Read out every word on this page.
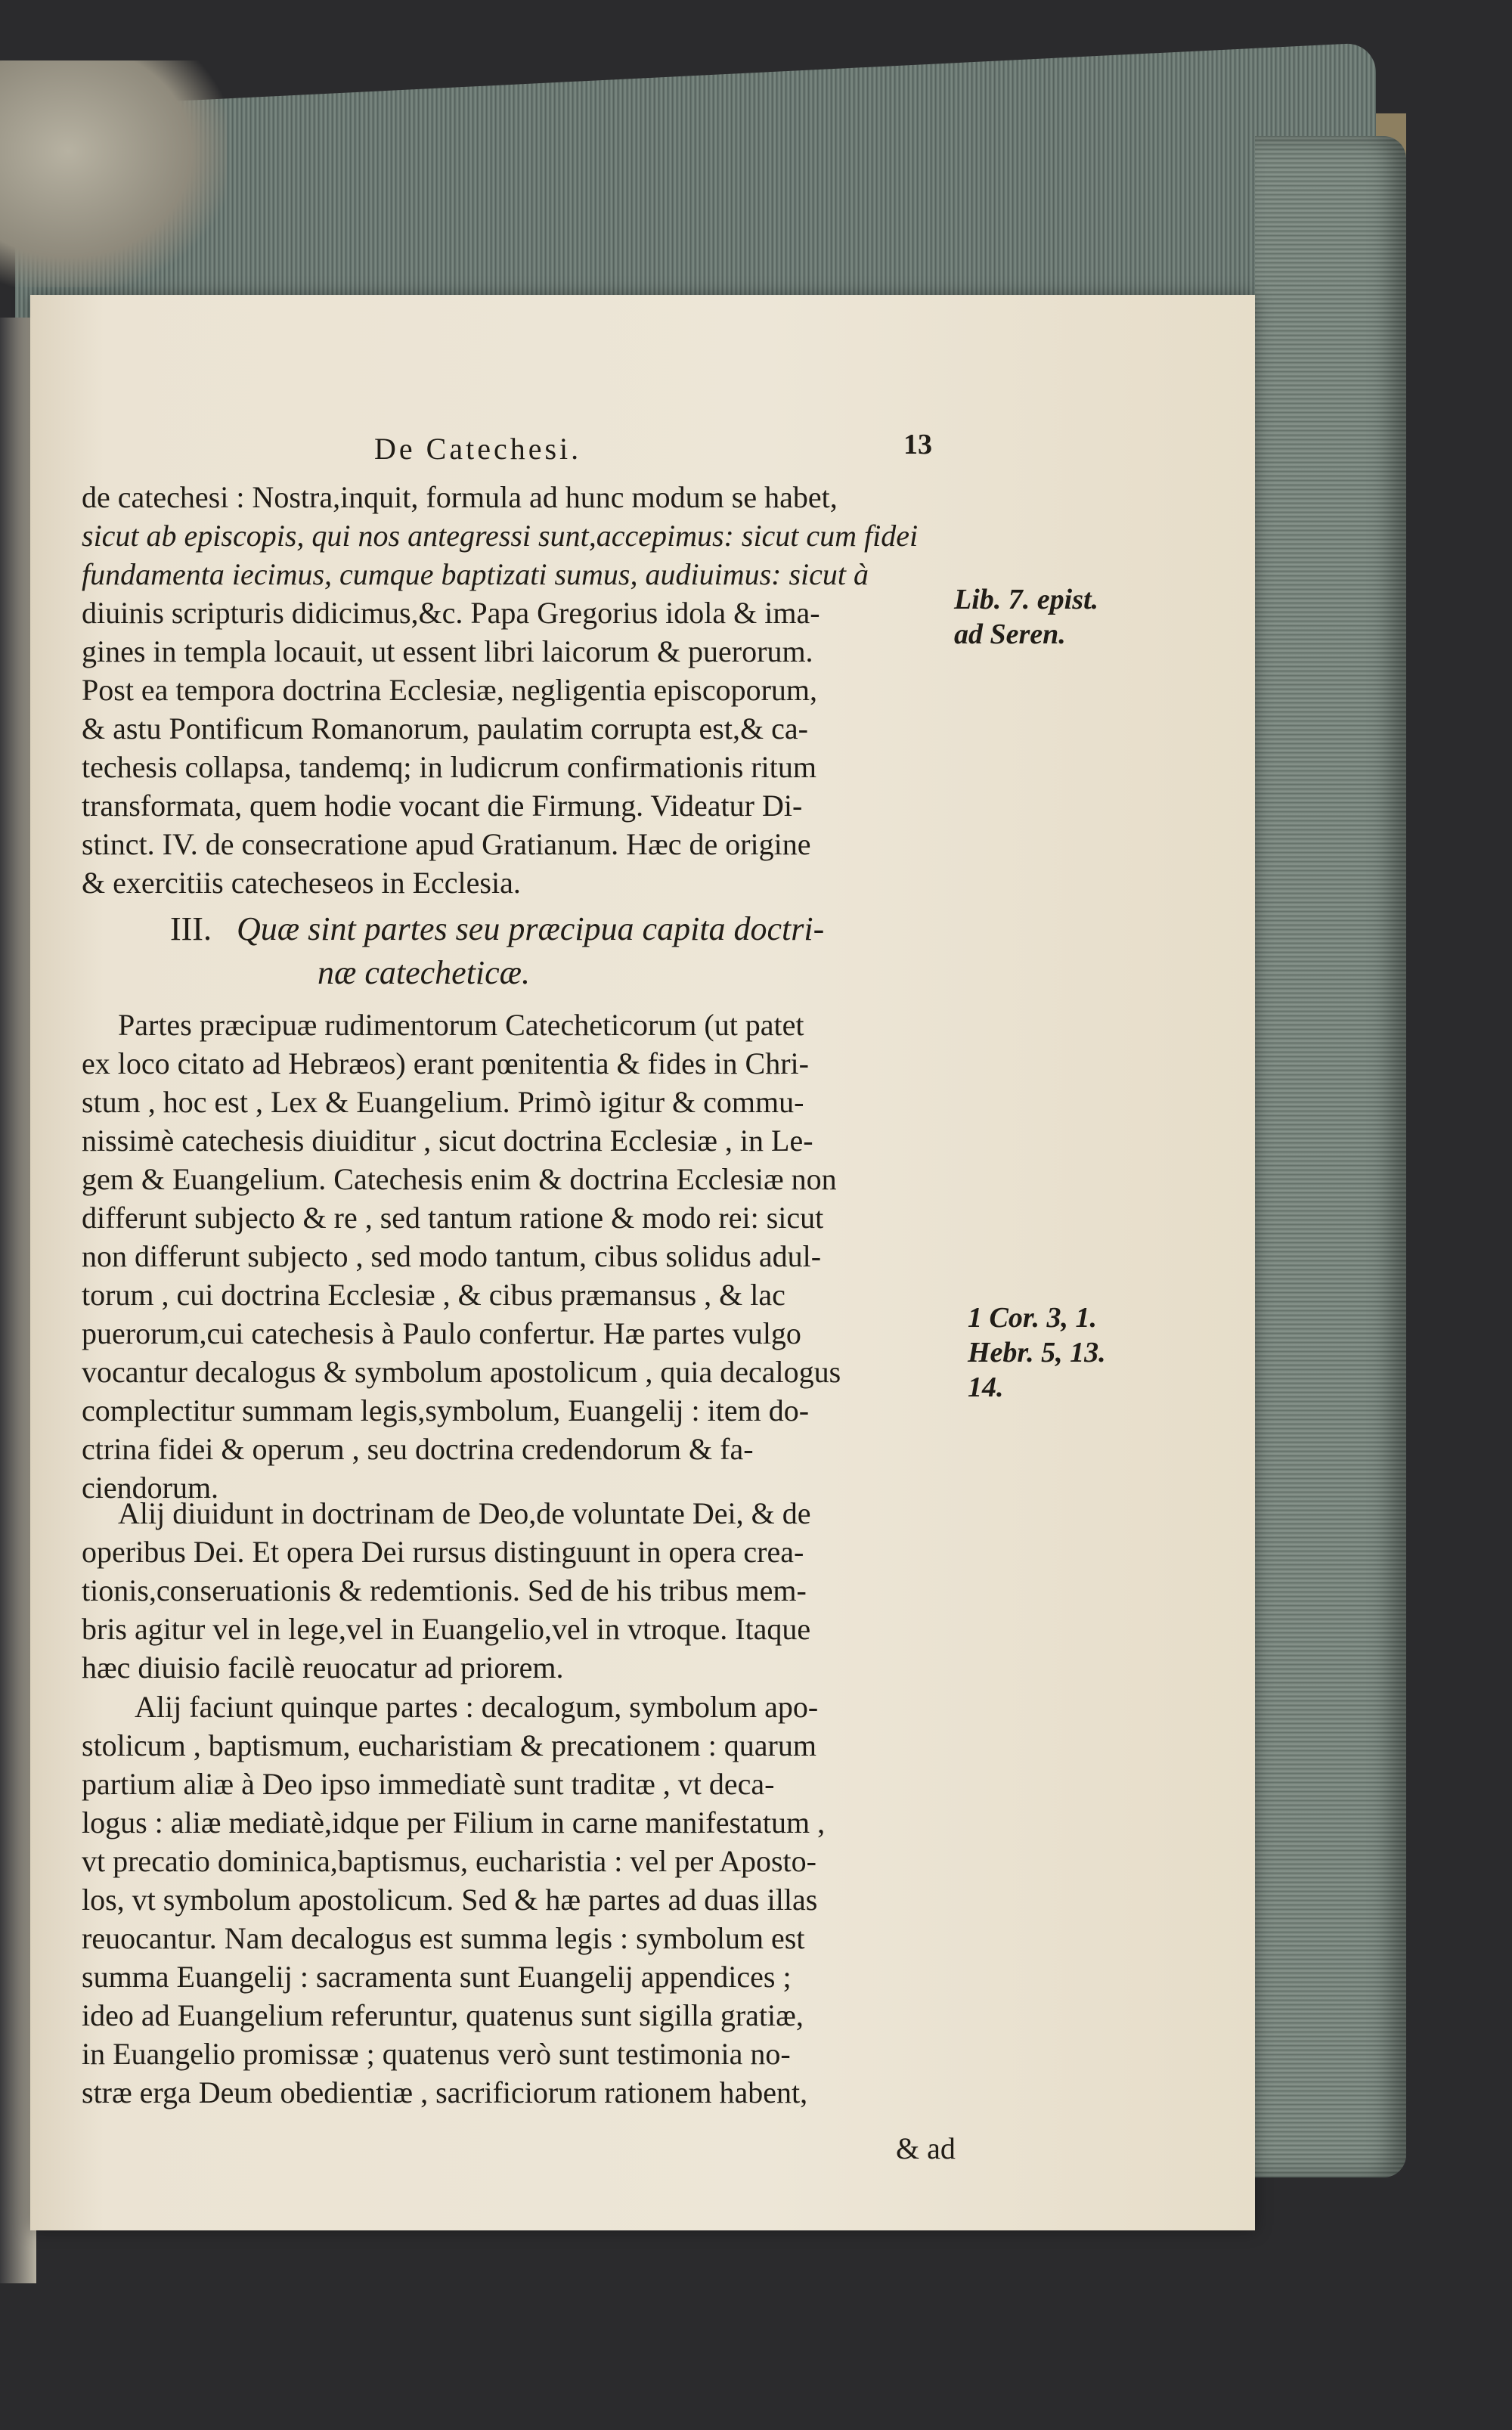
De Catechesi.	13
de catechesi : Nostra,inquit, formula ad hunc modum se habet,
sicut ab episcopis, qui nos antegressi sunt,accepimus: sicut cum fidei
fundamenta iecimus, cumque baptizati sumus, audiuimus: sicut à
diuinis scripturis didicimus,&c. Papa Gregorius idola & ima-
gines in templa locauit, ut essent libri laicorum & puerorum.
Post ea tempora doctrina Ecclesiæ, negligentia episcoporum,
& astu Pontificum Romanorum, paulatim corrupta est,& ca-
techesis collapsa, tandemq; in ludicrum confirmationis ritum
transformata, quem hodie vocant die Firmung. Videatur Di-
stinct. IV. de consecratione apud Gratianum. Hæc de origine
& exercitiis catecheseos in Ecclesia.
III. Quæ sint partes seu præcipua capita doctri-
næ catecheticæ.
Partes præcipuæ rudimentorum Catecheticorum (ut patet
ex loco citato ad Hebræos) erant pœnitentia & fides in Chri-
stum , hoc est , Lex & Euangelium. Primò igitur & commu-
nissimè catechesis diuiditur , sicut doctrina Ecclesiæ , in Le-
gem & Euangelium. Catechesis enim & doctrina Ecclesiæ non
differunt subjecto & re , sed tantum ratione & modo rei: sicut
non differunt subjecto , sed modo tantum, cibus solidus adul-
torum , cui doctrina Ecclesiæ , & cibus præmansus , & lac
puerorum,cui catechesis à Paulo confertur. Hæ partes vulgo
vocantur decalogus & symbolum apostolicum , quia decalogus
complectitur summam legis,symbolum, Euangelij : item do-
ctrina fidei & operum , seu doctrina credendorum & fa-
ciendorum.
Alij diuidunt in doctrinam de Deo,de voluntate Dei, & de
operibus Dei. Et opera Dei rursus distinguunt in opera crea-
tionis,conseruationis & redemtionis. Sed de his tribus mem-
bris agitur vel in lege,vel in Euangelio,vel in vtroque. Itaque
hæc diuisio facilè reuocatur ad priorem.
Alij faciunt quinque partes : decalogum, symbolum apo-
stolicum , baptismum, eucharistiam & precationem : quarum
partium aliæ à Deo ipso immediatè sunt traditæ , vt deca-
logus : aliæ mediatè,idque per Filium in carne manifestatum ,
vt precatio dominica,baptismus, eucharistia : vel per Aposto-
los, vt symbolum apostolicum. Sed & hæ partes ad duas illas
reuocantur. Nam decalogus est summa legis : symbolum est
summa Euangelij : sacramenta sunt Euangelij appendices ;
ideo ad Euangelium referuntur, quatenus sunt sigilla gratiæ,
in Euangelio promissæ ; quatenus verò sunt testimonia no-
stræ erga Deum obedientiæ , sacrificiorum rationem habent,
& ad
Lib. 7. epist.
ad Seren.
1 Cor. 3, 1.
Hebr. 5, 13.
14.
